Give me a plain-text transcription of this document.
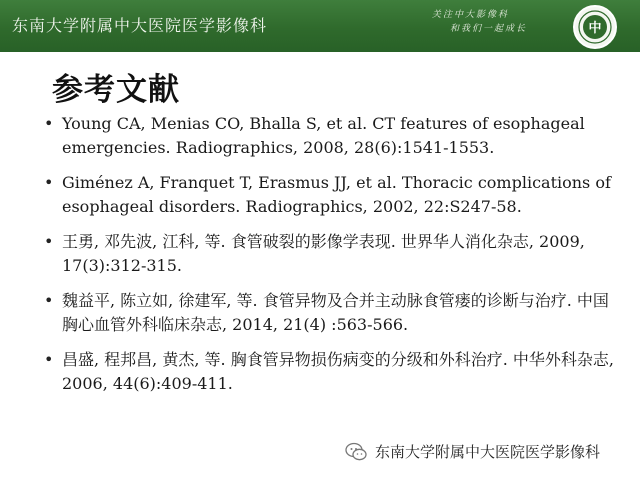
东南大学附属中大医院医学影像科
关注中大影像科
和我们一起成长	中
参考文献
• Young CA, Menias CO, Bhalla S, et al. CT features of esophageal emergencies. Radiographics, 2008, 28(6):1541-1553.
• Giménez A, Franquet T, Erasmus JJ, et al. Thoracic complications of esophageal disorders. Radiographics, 2002, 22:S247-58.
• 王勇, 邓先波, 江科, 等. 食管破裂的影像学表现. 世界华人消化杂志, 2009, 17(3):312-315.
• 魏益平, 陈立如, 徐建军, 等. 食管异物及合并主动脉食管瘘的诊断与治疗. 中国胸心血管外科临床杂志, 2014, 21(4) :563-566.
• 昌盛, 程邦昌, 黄杰, 等. 胸食管异物损伤病变的分级和外科治疗. 中华外科杂志, 2006, 44(6):409-411.
东南大学附属中大医院医学影像科
